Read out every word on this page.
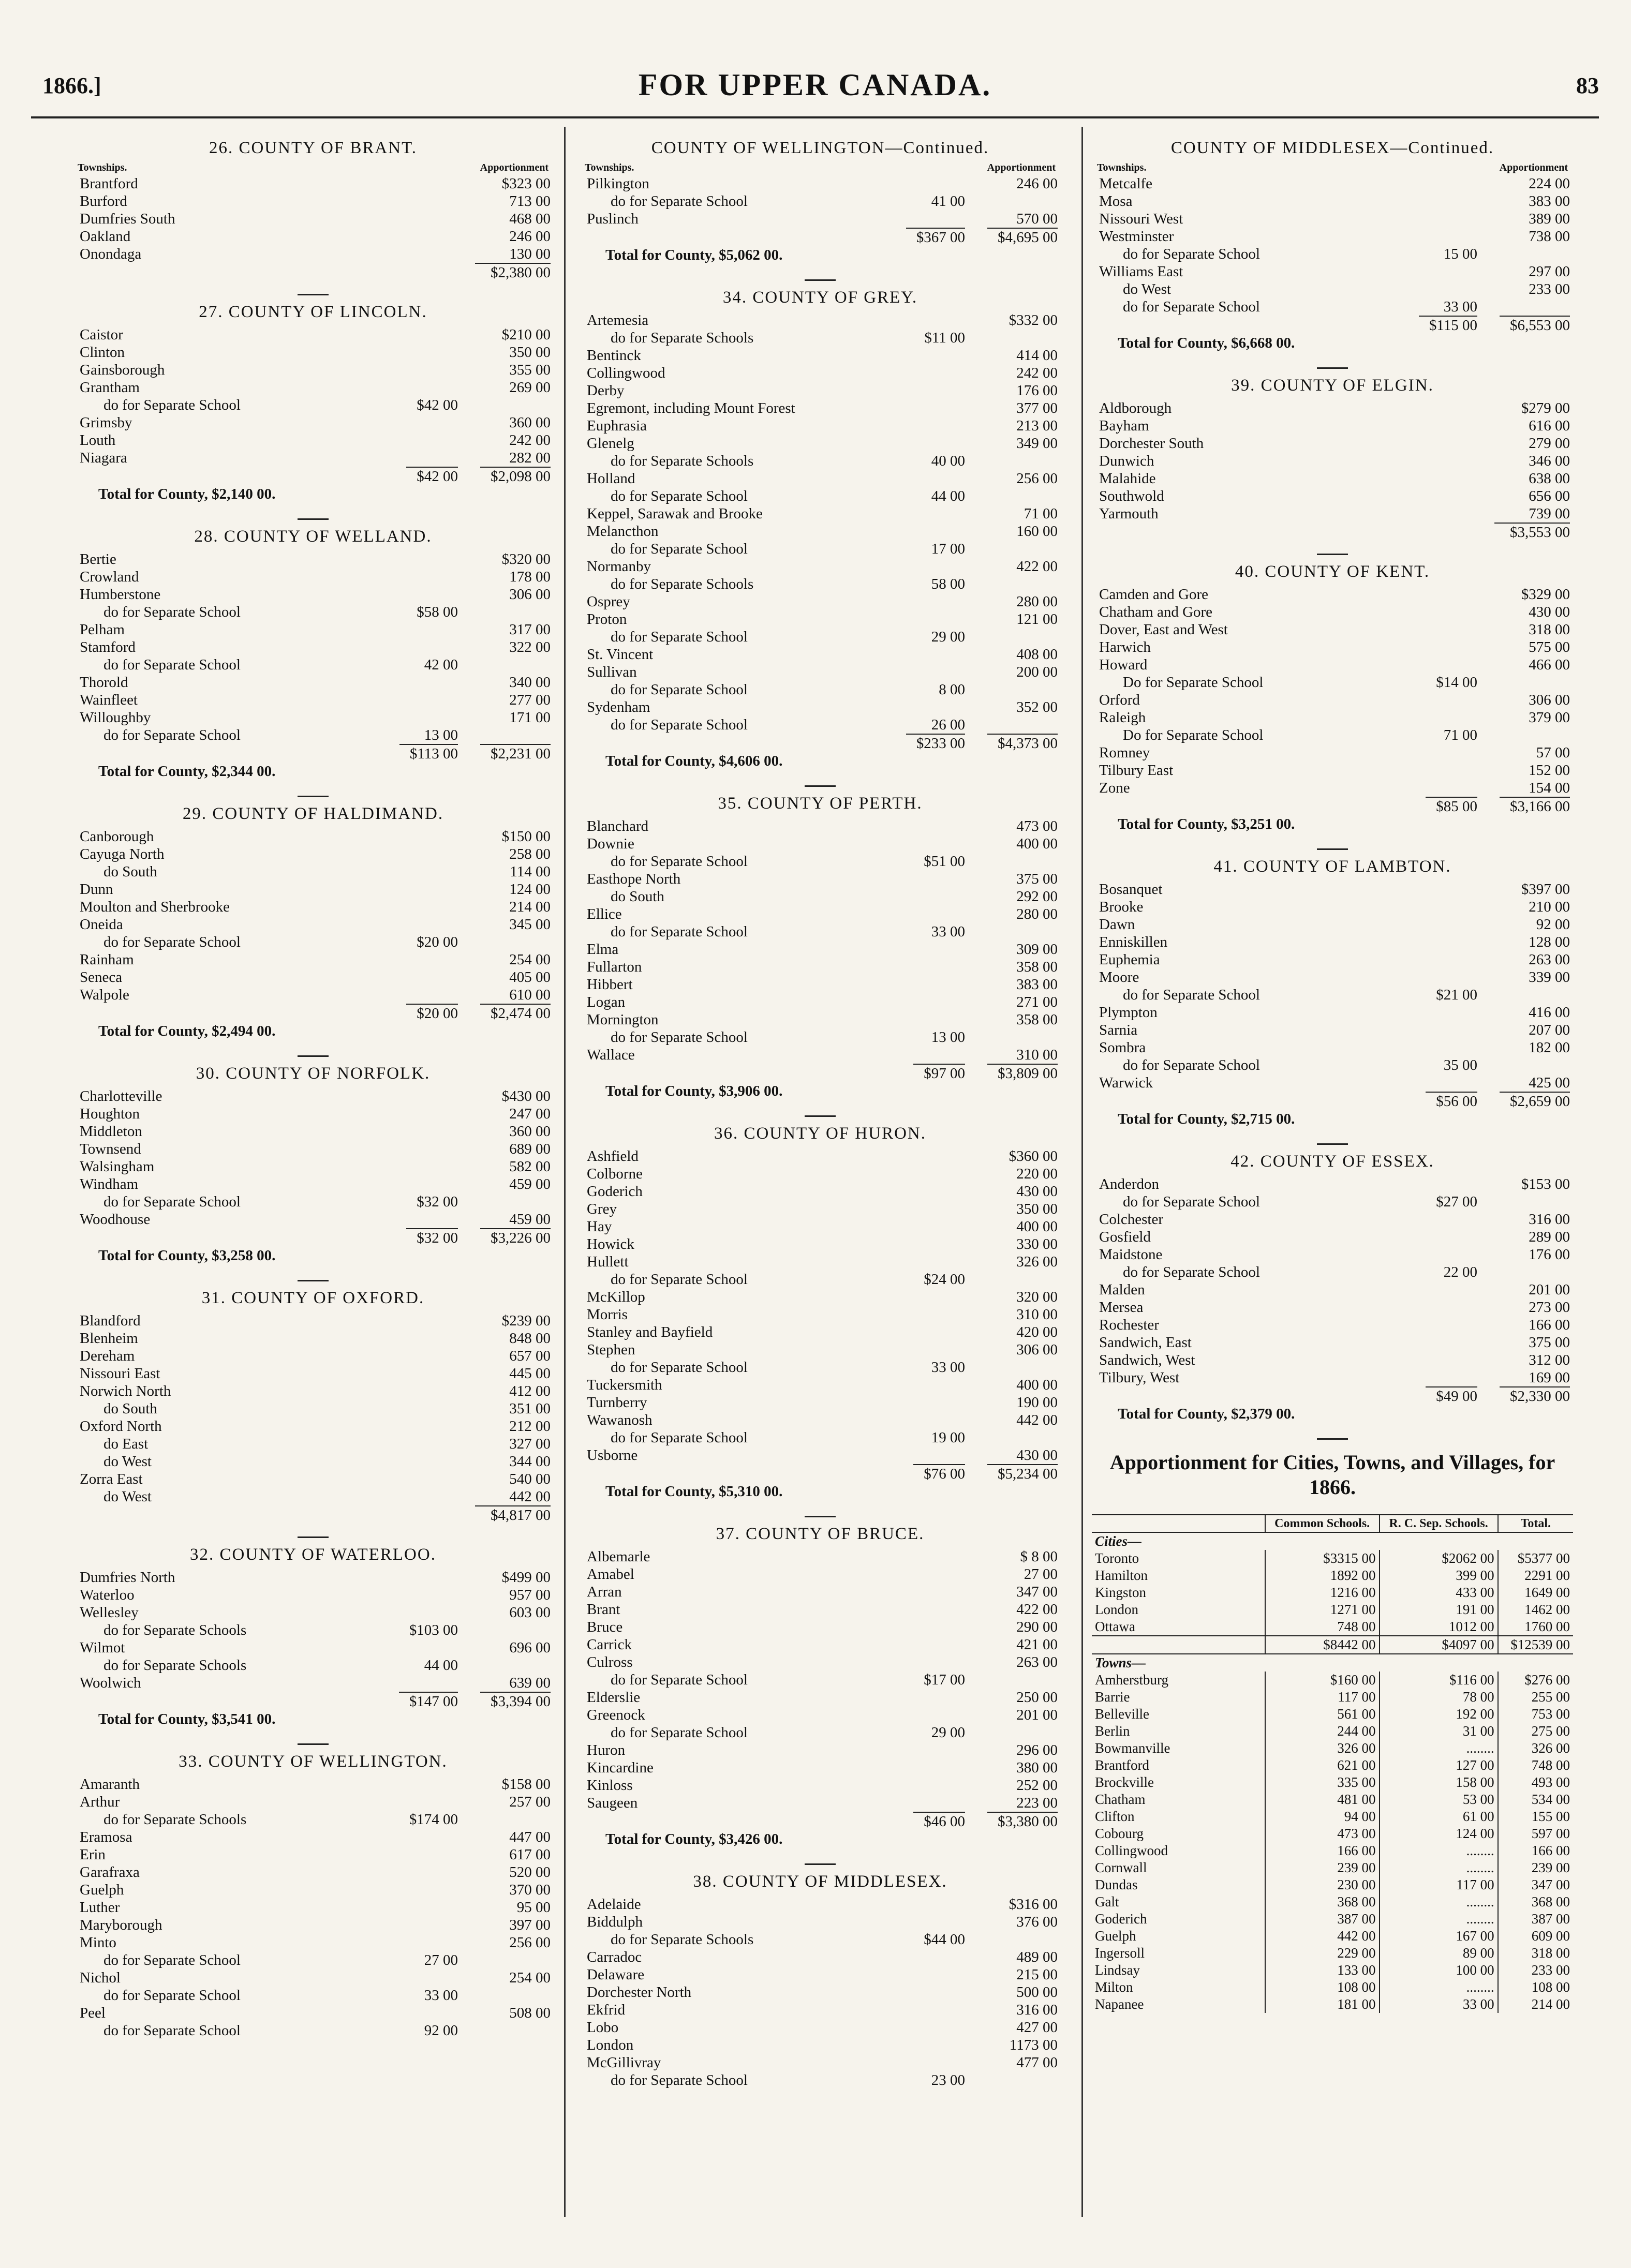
1866.]	FOR UPPER CANADA.	83
26. COUNTY OF BRANT.
Townships.	Apportionment
Brantford	$323 00
Burford	713 00
Dumfries South	468 00
Oakland	246 00
Onondaga	130 00
$2,380 00
27. COUNTY OF LINCOLN.
Caistor	$210 00
Clinton	350 00
Gainsborough	355 00
Grantham	269 00
do for Separate School	$42 00
Grimsby	360 00
Louth	242 00
Niagara	282 00
$42 00	$2,098 00
Total for County, $2,140 00.
28. COUNTY OF WELLAND.
Bertie	$320 00
Crowland	178 00
Humberstone	306 00
do for Separate School	$58 00
Pelham	317 00
Stamford	322 00
do for Separate School	42 00
Thorold	340 00
Wainfleet	277 00
Willoughby	171 00
do for Separate School	13 00
$113 00	$2,231 00
Total for County, $2,344 00.
29. COUNTY OF HALDIMAND.
Canborough	$150 00
Cayuga North	258 00
do South	114 00
Dunn	124 00
Moulton and Sherbrooke	214 00
Oneida	345 00
do for Separate School	$20 00
Rainham	254 00
Seneca	405 00
Walpole	610 00
$20 00	$2,474 00
Total for County, $2,494 00.
30. COUNTY OF NORFOLK.
Charlotteville	$430 00
Houghton	247 00
Middleton	360 00
Townsend	689 00
Walsingham	582 00
Windham	459 00
do for Separate School	$32 00
Woodhouse	459 00
$32 00	$3,226 00
Total for County, $3,258 00.
31. COUNTY OF OXFORD.
Blandford	$239 00
Blenheim	848 00
Dereham	657 00
Nissouri East	445 00
Norwich North	412 00
do South	351 00
Oxford North	212 00
do East	327 00
do West	344 00
Zorra East	540 00
do West	442 00
$4,817 00
32. COUNTY OF WATERLOO.
Dumfries North	$499 00
Waterloo	957 00
Wellesley	603 00
do for Separate Schools	$103 00
Wilmot	696 00
do for Separate Schools	44 00
Woolwich	639 00
$147 00	$3,394 00
Total for County, $3,541 00.
33. COUNTY OF WELLINGTON.
Amaranth	$158 00
Arthur	257 00
do for Separate Schools	$174 00
Eramosa	447 00
Erin	617 00
Garafraxa	520 00
Guelph	370 00
Luther	95 00
Maryborough	397 00
Minto	256 00
do for Separate School	27 00
Nichol	254 00
do for Separate School	33 00
Peel	508 00
do for Separate School	92 00
COUNTY OF WELLINGTON—Continued.
Townships.	Apportionment
Pilkington	246 00
do for Separate School	41 00
Puslinch	570 00
$367 00	$4,695 00
Total for County, $5,062 00.
34. COUNTY OF GREY.
Artemesia	$332 00
do for Separate Schools	$11 00
Bentinck	414 00
Collingwood	242 00
Derby	176 00
Egremont, including Mount Forest	377 00
Euphrasia	213 00
Glenelg	349 00
do for Separate Schools	40 00
Holland	256 00
do for Separate School	44 00
Keppel, Sarawak and Brooke	71 00
Melancthon	160 00
do for Separate School	17 00
Normanby	422 00
do for Separate Schools	58 00
Osprey	280 00
Proton	121 00
do for Separate School	29 00
St. Vincent	408 00
Sullivan	200 00
do for Separate School	8 00
Sydenham	352 00
do for Separate School	26 00
$233 00	$4,373 00
Total for County, $4,606 00.
35. COUNTY OF PERTH.
Blanchard	473 00
Downie	400 00
do for Separate School	$51 00
Easthope North	375 00
do South	292 00
Ellice	280 00
do for Separate School	33 00
Elma	309 00
Fullarton	358 00
Hibbert	383 00
Logan	271 00
Mornington	358 00
do for Separate School	13 00
Wallace	310 00
$97 00	$3,809 00
Total for County, $3,906 00.
36. COUNTY OF HURON.
Ashfield	$360 00
Colborne	220 00
Goderich	430 00
Grey	350 00
Hay	400 00
Howick	330 00
Hullett	326 00
do for Separate School	$24 00
McKillop	320 00
Morris	310 00
Stanley and Bayfield	420 00
Stephen	306 00
do for Separate School	33 00
Tuckersmith	400 00
Turnberry	190 00
Wawanosh	442 00
do for Separate School	19 00
Usborne	430 00
$76 00	$5,234 00
Total for County, $5,310 00.
37. COUNTY OF BRUCE.
Albemarle	$ 8 00
Amabel	27 00
Arran	347 00
Brant	422 00
Bruce	290 00
Carrick	421 00
Culross	263 00
do for Separate School	$17 00
Elderslie	250 00
Greenock	201 00
do for Separate School	29 00
Huron	296 00
Kincardine	380 00
Kinloss	252 00
Saugeen	223 00
$46 00	$3,380 00
Total for County, $3,426 00.
38. COUNTY OF MIDDLESEX.
Adelaide	$316 00
Biddulph	376 00
do for Separate Schools	$44 00
Carradoc	489 00
Delaware	215 00
Dorchester North	500 00
Ekfrid	316 00
Lobo	427 00
London	1173 00
McGillivray	477 00
do for Separate School	23 00
COUNTY OF MIDDLESEX—Continued.
Townships.	Apportionment
Metcalfe	224 00
Mosa	383 00
Nissouri West	389 00
Westminster	738 00
do for Separate School	15 00
Williams East	297 00
do West	233 00
do for Separate School	33 00
$115 00	$6,553 00
Total for County, $6,668 00.
39. COUNTY OF ELGIN.
Aldborough	$279 00
Bayham	616 00
Dorchester South	279 00
Dunwich	346 00
Malahide	638 00
Southwold	656 00
Yarmouth	739 00
$3,553 00
40. COUNTY OF KENT.
Camden and Gore	$329 00
Chatham and Gore	430 00
Dover, East and West	318 00
Harwich	575 00
Howard	466 00
Do for Separate School	$14 00
Orford	306 00
Raleigh	379 00
Do for Separate School	71 00
Romney	57 00
Tilbury East	152 00
Zone	154 00
$85 00	$3,166 00
Total for County, $3,251 00.
41. COUNTY OF LAMBTON.
Bosanquet	$397 00
Brooke	210 00
Dawn	92 00
Enniskillen	128 00
Euphemia	263 00
Moore	339 00
do for Separate School	$21 00
Plympton	416 00
Sarnia	207 00
Sombra	182 00
do for Separate School	35 00
Warwick	425 00
$56 00	$2,659 00
Total for County, $2,715 00.
42. COUNTY OF ESSEX.
Anderdon	$153 00
do for Separate School	$27 00
Colchester	316 00
Gosfield	289 00
Maidstone	176 00
do for Separate School	22 00
Malden	201 00
Mersea	273 00
Rochester	166 00
Sandwich, East	375 00
Sandwich, West	312 00
Tilbury, West	169 00
$49 00	$2,330 00
Total for County, $2,379 00.
Apportionment for Cities, Towns, and Villages, for 1866.
	Common Schools.	R. C. Sep. Schools.	Total.
Cities—			
Toronto	$3315 00	$2062 00	$5377 00
Hamilton	1892 00	399 00	2291 00
Kingston	1216 00	433 00	1649 00
London	1271 00	191 00	1462 00
Ottawa	748 00	1012 00	1760 00
	$8442 00	$4097 00	$12539 00
Towns—			
Amherstburg	$160 00	$116 00	$276 00
Barrie	117 00	78 00	255 00
Belleville	561 00	192 00	753 00
Berlin	244 00	31 00	275 00
Bowmanville	326 00	........	326 00
Brantford	621 00	127 00	748 00
Brockville	335 00	158 00	493 00
Chatham	481 00	53 00	534 00
Clifton	94 00	61 00	155 00
Cobourg	473 00	124 00	597 00
Collingwood	166 00	........	166 00
Cornwall	239 00	........	239 00
Dundas	230 00	117 00	347 00
Galt	368 00	........	368 00
Goderich	387 00	........	387 00
Guelph	442 00	167 00	609 00
Ingersoll	229 00	89 00	318 00
Lindsay	133 00	100 00	233 00
Milton	108 00	........	108 00
Napanee	181 00	33 00	214 00
